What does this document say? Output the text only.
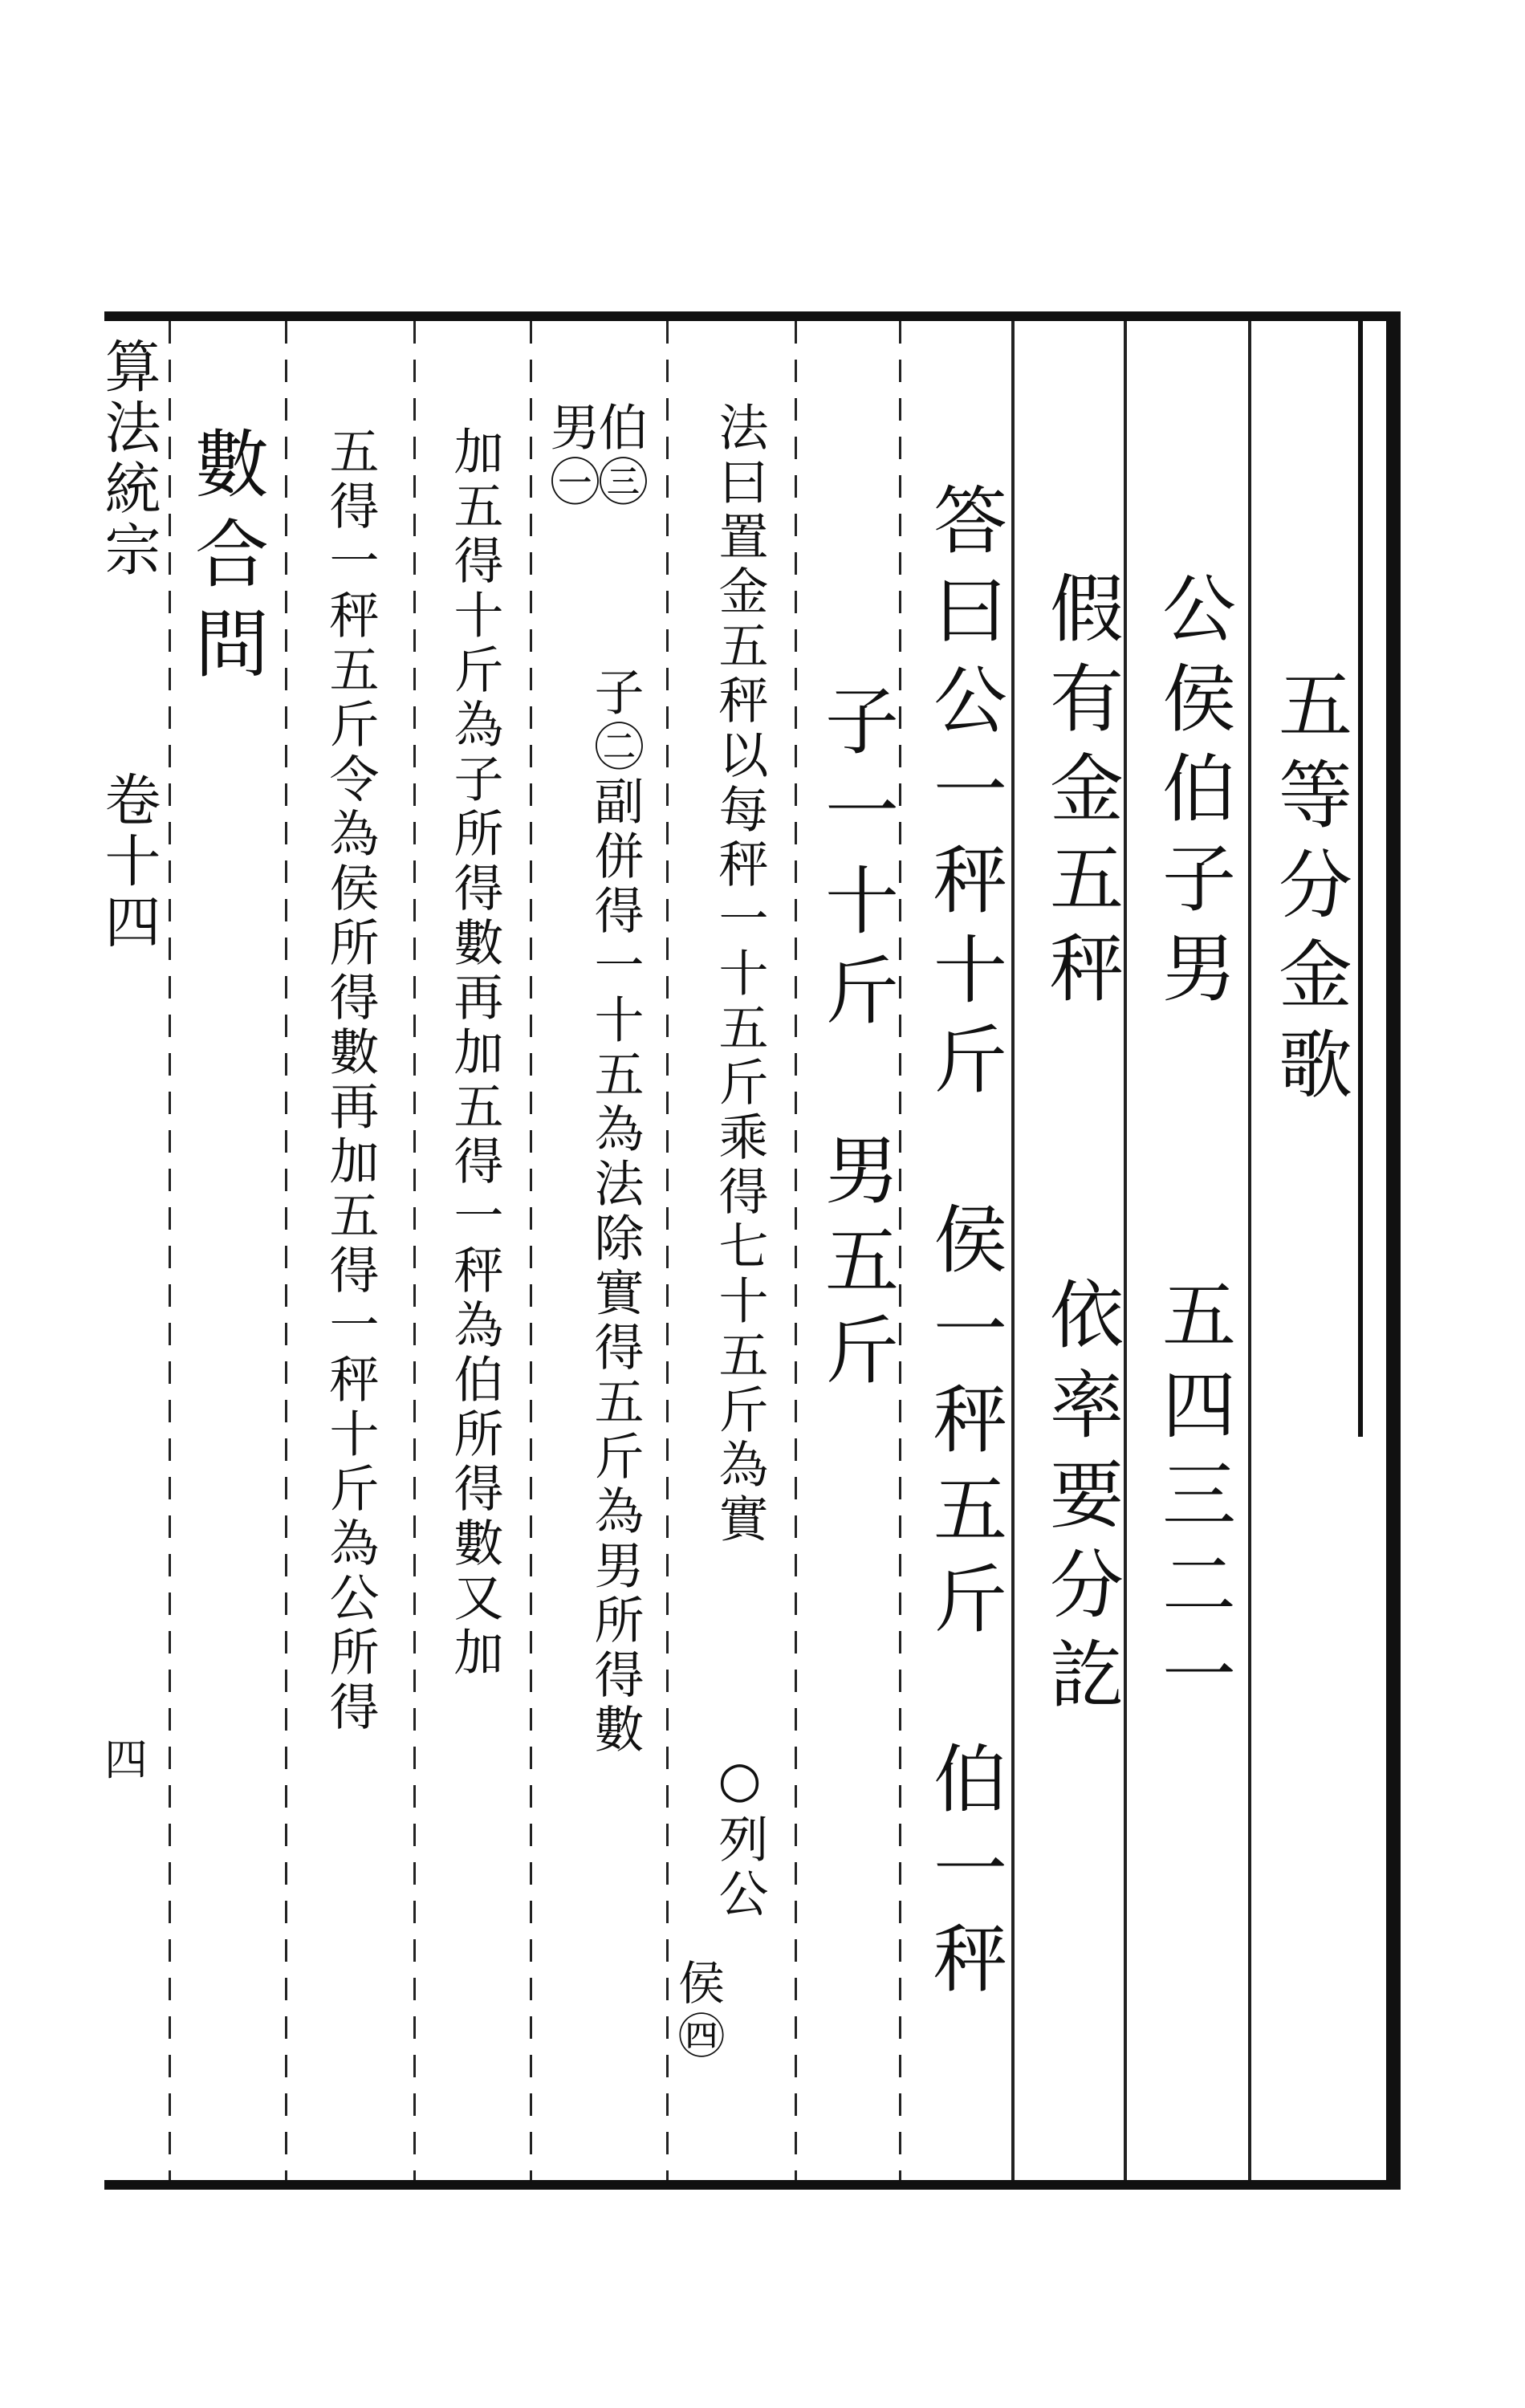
算法統宗
卷十四
四
五等分金歌
公侯伯子男
五四三二一
假有金五秤
依率要分訖
答曰公一秤十斤　侯一秤五斤　伯一秤
子一十斤　男五斤
法曰置金五秤以每秤一十五斤乘得七十五斤為實
○列公
侯㊃
伯㊂
男㊀
子㊁副併得一十五為法除實得五斤為男所得數
加五得十斤為子所得數再加五得一秤為伯所得數又加
五得一秤五斤令為侯所得數再加五得一秤十斤為公所得
數合問
